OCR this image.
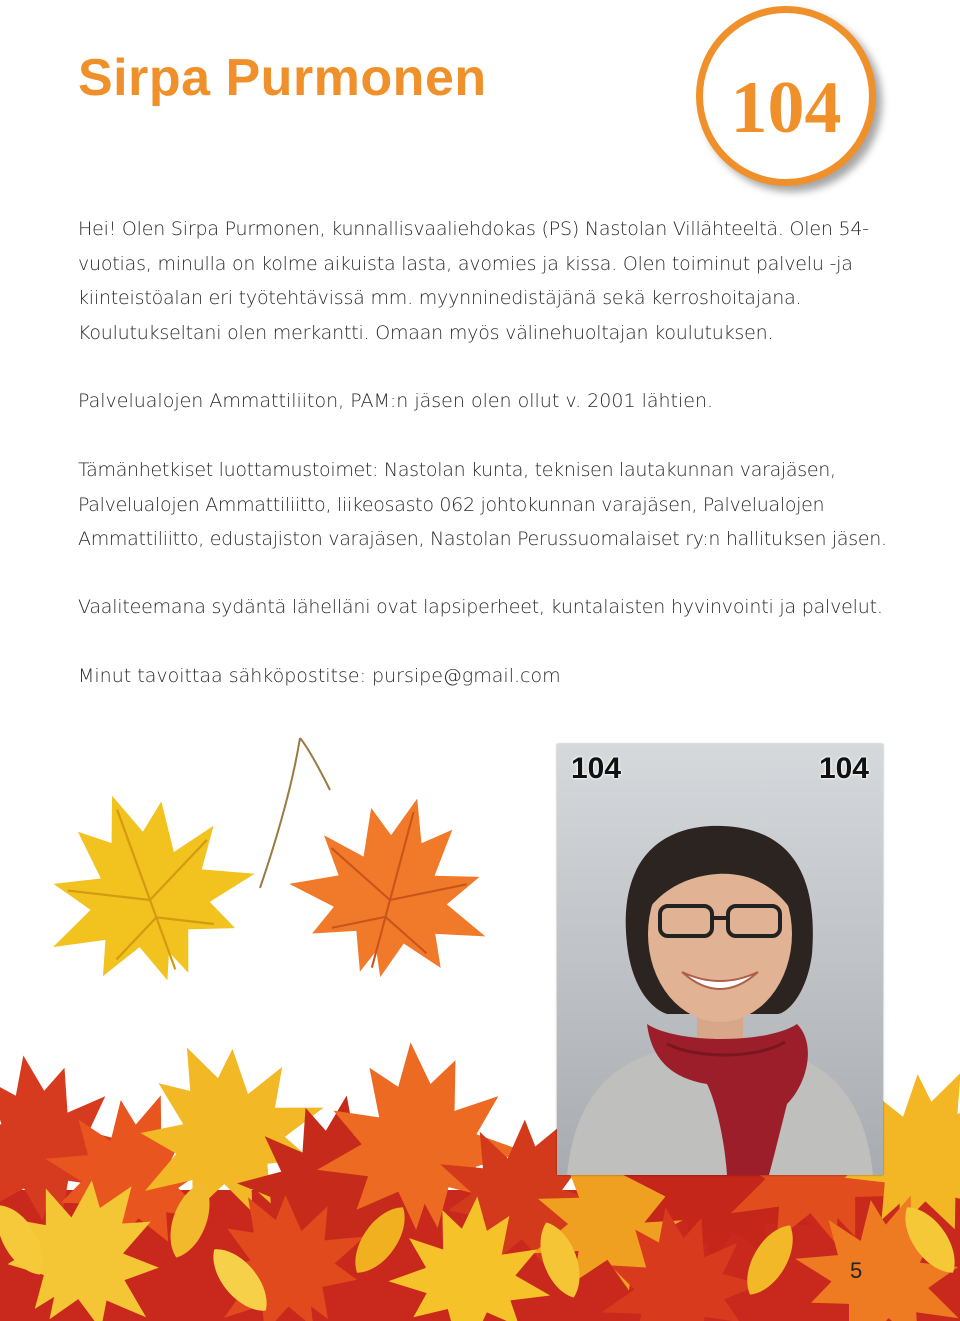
Sirpa Purmonen	104

Hei! Olen Sirpa Purmonen, kunnallisvaaliehdokas (PS) Nastolan Villähteeltä. Olen 54-vuotias, minulla on kolme aikuista lasta, avomies ja kissa. Olen toiminut palvelu -ja kiinteistöalan eri työtehtävissä mm. myynninedistäjänä sekä kerroshoitajana. Koulutukseltani olen merkantti. Omaan myös välinehuoltajan koulutuksen.

Palvelualojen Ammattiliiton, PAM:n jäsen olen ollut v. 2001 lähtien.

Tämänhetkiset luottamustoimet: Nastolan kunta, teknisen lautakunnan varajäsen, Palvelualojen Ammattiliitto, liikeosasto 062 johtokunnan varajäsen, Palvelualojen Ammattiliitto, edustajiston varajäsen, Nastolan Perussuomalaiset ry:n hallituksen jäsen.

Vaaliteemana sydäntä lähelläni ovat lapsiperheet, kuntalaisten hyvinvointi ja palvelut.

Minut tavoittaa sähköpostitse: pursipe@gmail.com

104	104
5
